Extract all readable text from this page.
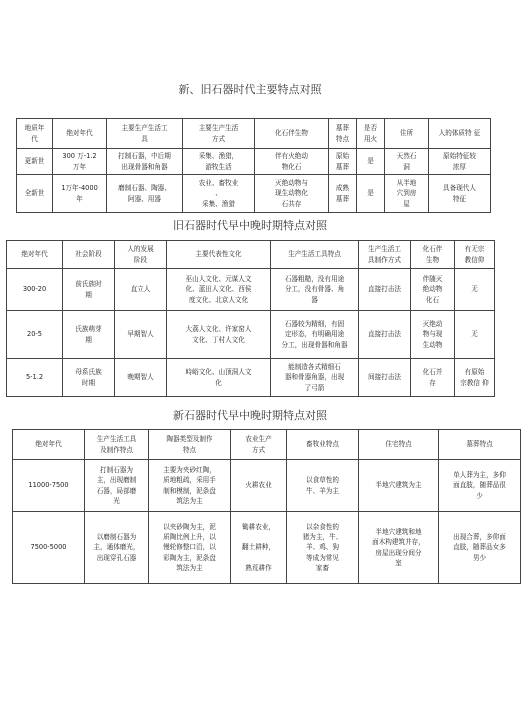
新、旧石器时代主要特点对照
地质年
代	绝对年代	主要生产生活工
具	主要生产生活
方式	化石伴生物	墓葬
特点	是否
用火	住所	人的体质特 征
更新世	300 万-1.2
万年	打制石器，中后期
出现骨器和角器	采集、渔猎，
游牧生活	伴有火绝动
物化石	原始
墓葬	是	天然石
洞	原始特征较
浓厚
全新世	1万年-4000
年	磨制石器、陶器、
阿器、用器	农业、畜牧业
、
采集、渔猎	灭绝动物与
现生动物化
石共存	成熟
墓葬	是	从半地
穴到房
屋	具备现代人
特征
旧石器时代早中晚时期特点对照
绝对年代	社会阶段	人的发展
阶段	主要代表性文化	生产生活工具特点	生产生活工
具制作方式	化石伴
生物	有无宗
教信仰
300-20	前氏族时
期	直立人	巫山人文化、元谋人文
化、蓝田人文化、西侯
度文化、北京人文化	石器粗糙，没有用途
分工，没有骨器、角
器	直接打击法	伴随灭
绝动物
化石	无
20-5	氏族萌芽
期	早期智人	大荔人文化、许家窑人
文化、丁村人文化	石器较为精细，有固
定形态，有明确用途
分工，出现骨器和角器	直接打击法	灭绝动
物与现
生动物	无
5-1.2	母系氏族
时期	晚期智人	峙峪文化、山顶洞人文
化	能制造各式精细石
器和骨器角器，出现
了弓箭	间接打击法	化石并
存	有原始
宗教信 仰
新石器时代早中晚时期特点对照
绝对年代	生产生活工具
及制作特点	陶器类型及制作
特点	农业生产
方式	畜牧业特点	住宅特点	墓葬特点
11000-7500	打制石器为
主，出现磨制
石器，局部磨
光	主要为夹砂红陶，
质地粗疏，采用手
制和模制，泥条盘
筑法为主	火耕农业	以食草性的
牛、羊为主	半地穴建筑为主	单人葬为主，多仰
面直肢，随葬品很
少
7500-5000	以磨制石器为
主，通体磨光，
出现穿孔石器	以夹砂陶为主，泥
质陶比例上升，以
慢轮修整口沿，以
彩陶为主，泥条盘
筑法为主	锄耕农业，

翻土耕种，

熟荒耕作	以杂食性的
猪为主，牛、
羊、鸡、狗
等成为常见
家畜	半地穴建筑和地
面木构建筑并存，
房屋出现分间分
室	出现合葬，多仰面
直肢，随葬品女多
男少
